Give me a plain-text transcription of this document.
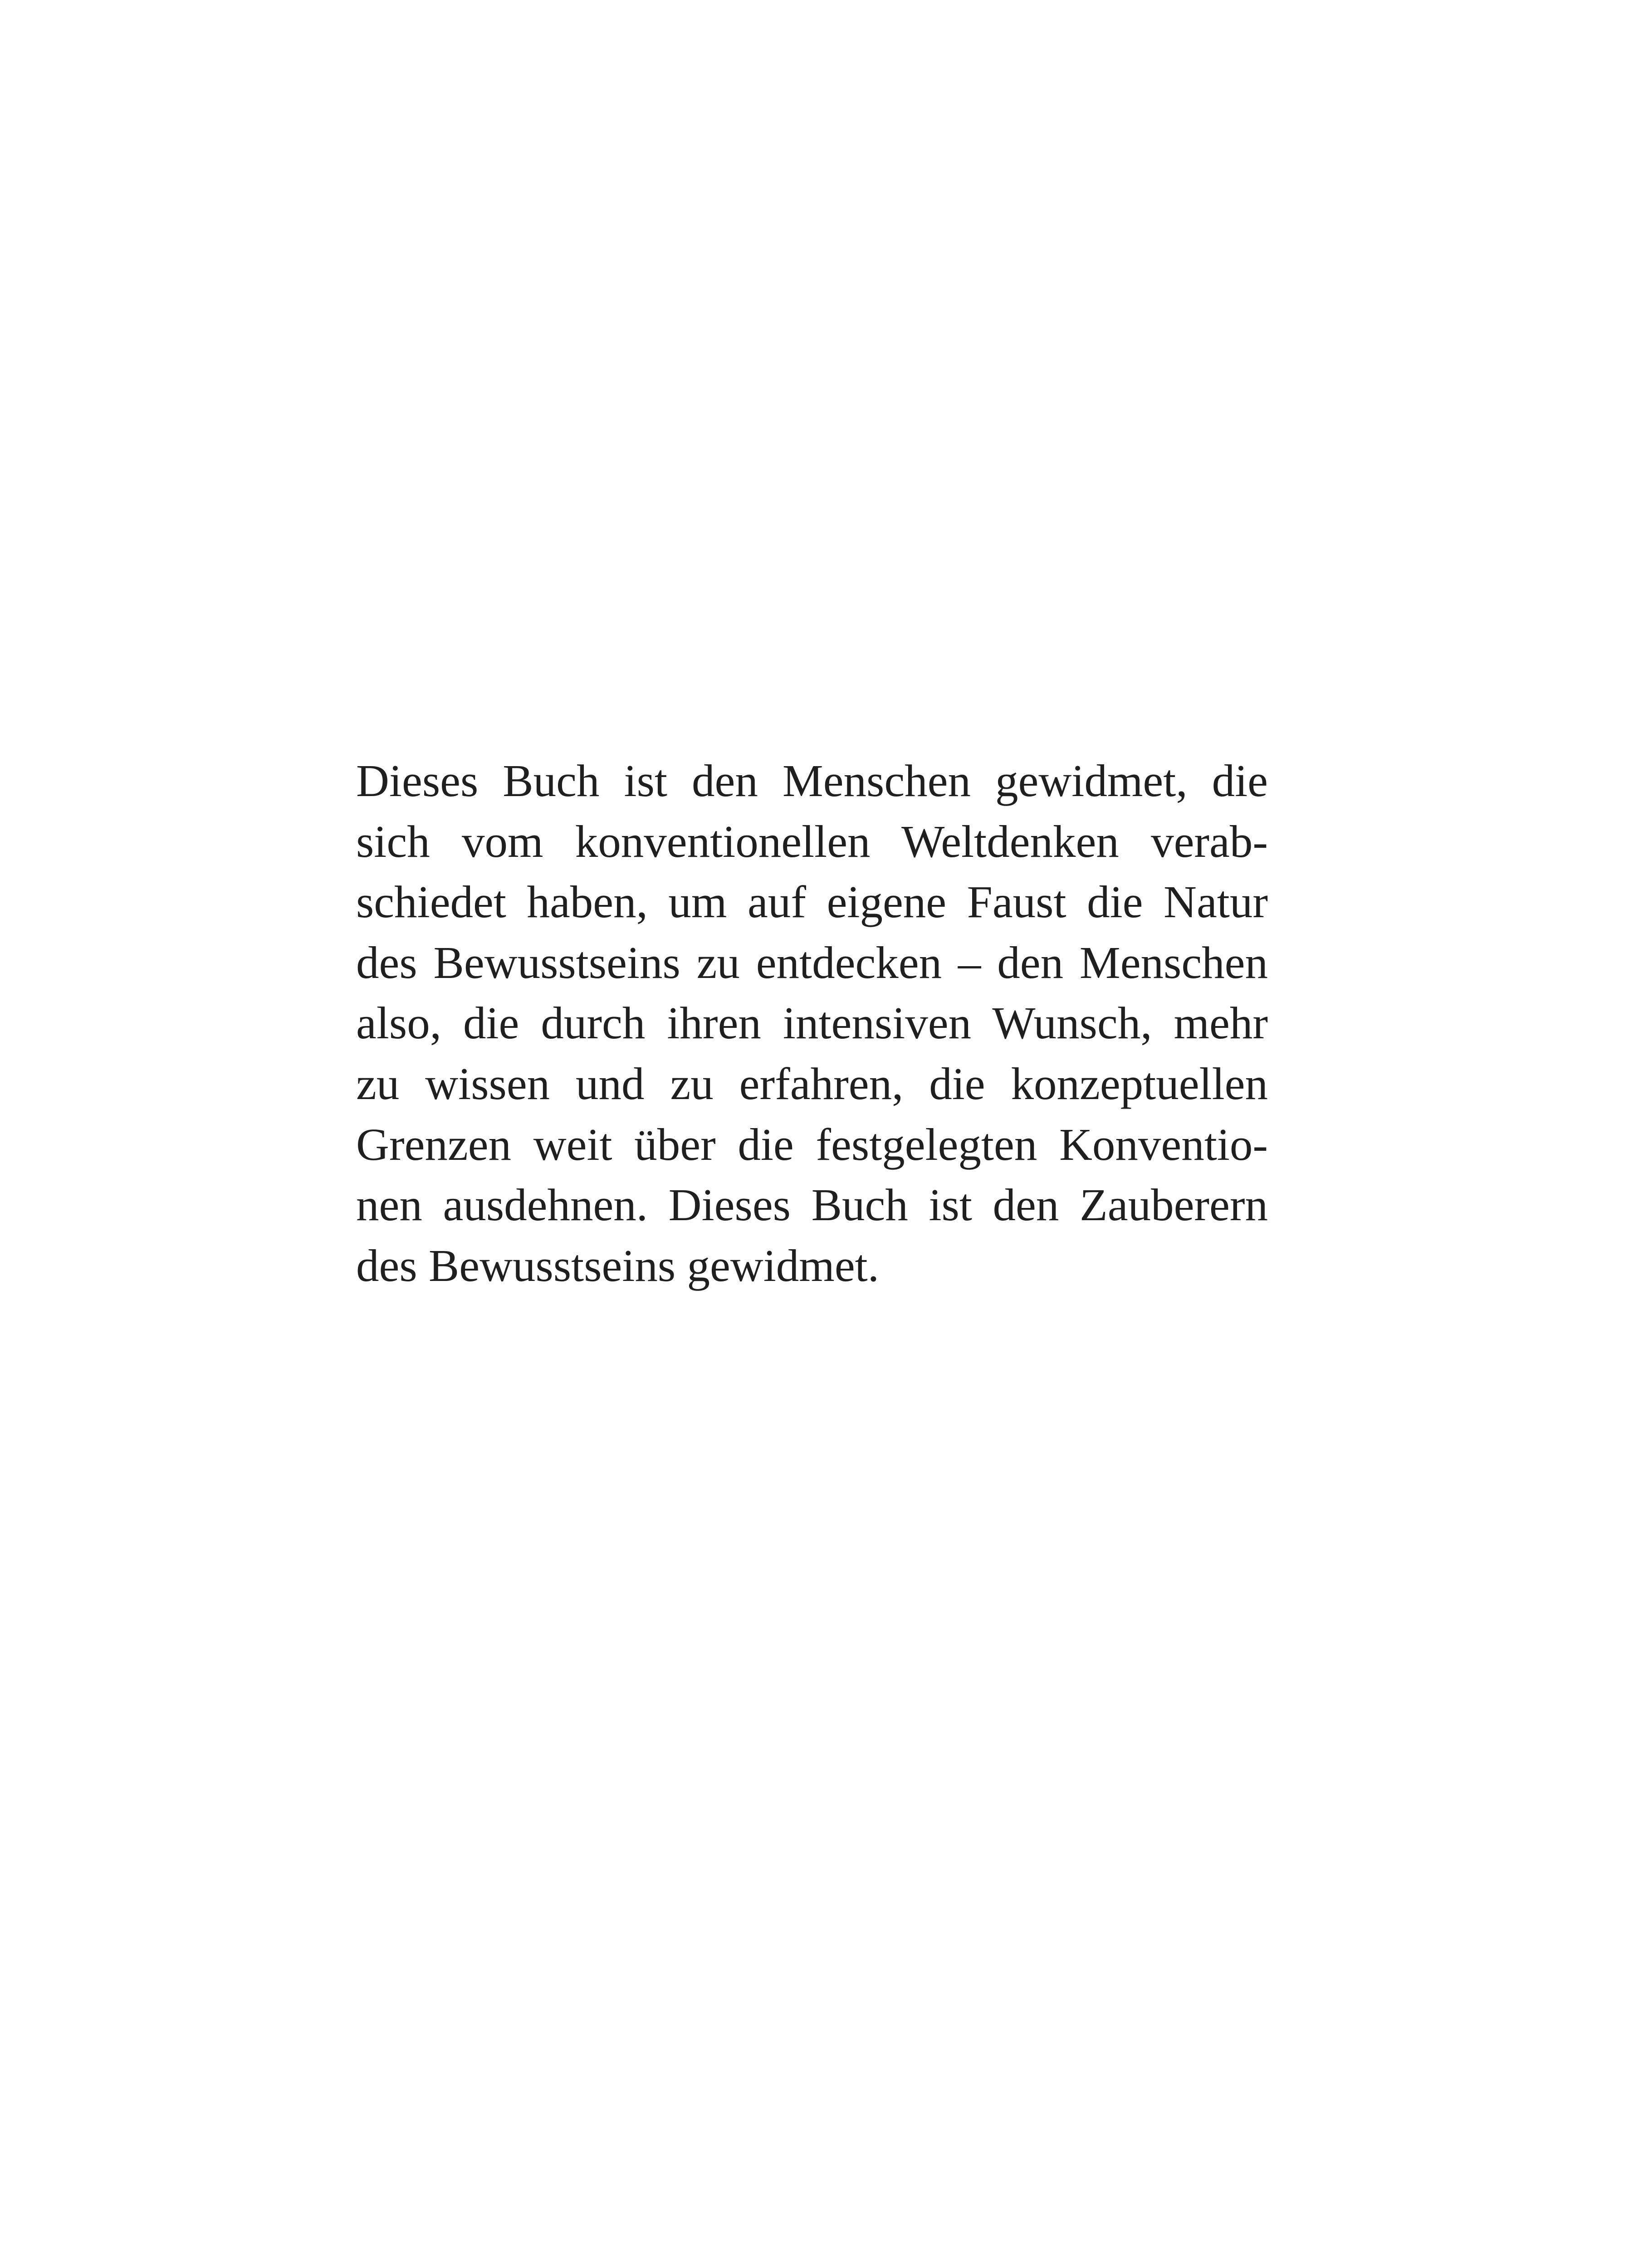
Dieses Buch ist den Menschen gewidmet, die
sich vom konventionellen Weltdenken verab-
schiedet haben, um auf eigene Faust die Natur
des Bewusstseins zu entdecken – den Menschen
also, die durch ihren intensiven Wunsch, mehr
zu wissen und zu erfahren, die konzeptuellen
Grenzen weit über die festgelegten Konventio-
nen ausdehnen. Dieses Buch ist den Zauberern
des Bewusstseins gewidmet.
